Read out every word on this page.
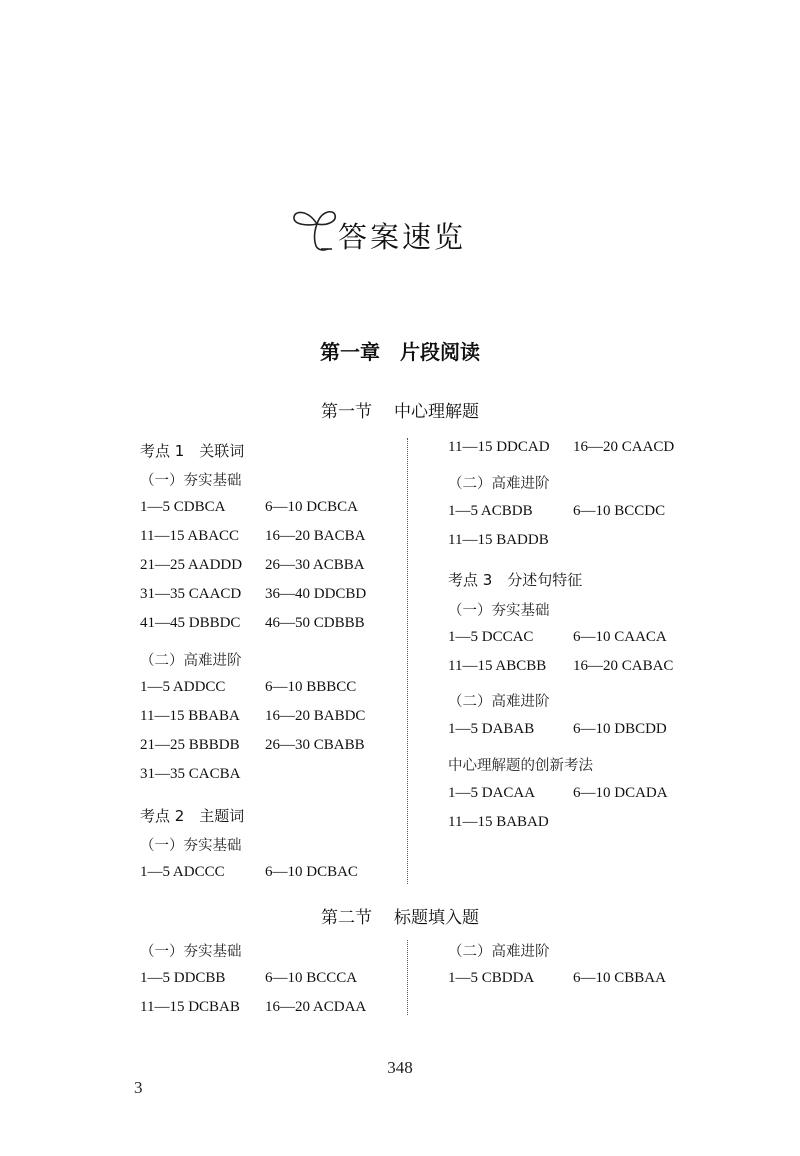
答案速览
第一章　片段阅读
第一节 中心理解题
考点 1　关联词
（一）夯实基础
1—5 CDBCA	6—10 DCBCA
11—15 ABACC 16—20 BACBA
21—25 AADDD 26—30 ACBBA
31—35 CAACD 36—40 DDCBD
41—45 DBBDC 46—50 CDBBB
（二）高难进阶
1—5 ADDCC	6—10 BBBCC
11—15 BBABA 16—20 BABDC
21—25 BBBDB 26—30 CBABB
31—35 CACBA
考点 2　主题词
（一）夯实基础
1—5 ADCCC	6—10 DCBAC
11—15 DDCAD 16—20 CAACD
（二）高难进阶
1—5 ACBDB	6—10 BCCDC
11—15 BADDB
考点 3　分述句特征
（一）夯实基础
1—5 DCCAC	6—10 CAACA
11—15 ABCBB 16—20 CABAC
（二）高难进阶
1—5 DABAB	6—10 DBCDD
中心理解题的创新考法
1—5 DACAA	6—10 DCADA
11—15 BABAD
第二节 标题填入题
（一）夯实基础
1—5 DDCBB	6—10 BCCCA
11—15 DCBAB 16—20 ACDAA
（二）高难进阶
1—5 CBDDA	6—10 CBBAA
348
3
